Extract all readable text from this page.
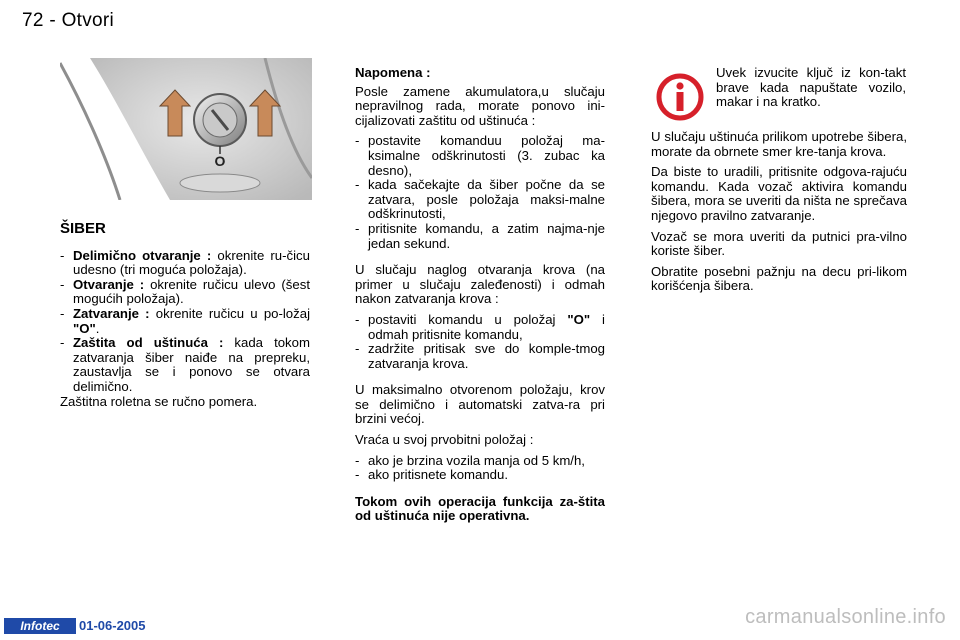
72 - Otvori
O
ŠIBER
- Delimično otvaranje : okrenite ru-čicu udesno (tri moguća položaja).
- Otvaranje : okrenite ručicu ulevo (šest mogućih položaja).
- Zatvaranje : okrenite ručicu u po-ložaj "O".
- Zaštita od uštinuća : kada tokom zatvaranja šiber naiđe na prepreku, zaustavlja se i ponovo se otvara delimično.

Zaštitna roletna se ručno pomera.

Napomena :

Posle zamene akumulatora,u slučaju nepravilnog rada, morate ponovo ini-cijalizovati zaštitu od uštinuća :

- postavite komanduu položaj ma-ksimalne odškrinutosti (3. zubac ka desno),
- kada sačekajte da šiber počne da se zatvara, posle položaja maksi-malne odškrinutosti,
- pritisnite komandu, a zatim najma-nje jedan sekund.

U slučaju naglog otvaranja krova (na primer u slučaju zaleđenosti) i odmah nakon zatvaranja krova :

- postaviti komandu u položaj "O" i odmah pritisnite komandu,
- zadržite pritisak sve do komple-tmog zatvaranja krova.

U maksimalno otvorenom položaju, krov se delimično i automatski zatva-ra pri brzini većoj.

Vraća u svoj prvobitni položaj :

- ako je brzina vozila manja od 5 km/h,
- ako pritisnete komandu.

Tokom ovih operacija funkcija za-štita od uštinuća nije operativna.

Uvek izvucite ključ iz kon-takt brave kada napuštate vozilo, makar i na kratko.

U slučaju uštinuća prilikom upotrebe šibera, morate da obrnete smer kre-tanja krova.

Da biste to uradili, pritisnite odgova-rajuću komandu. Kada vozač aktivira komandu šibera, mora se uveriti da ništa ne sprečava njegovo pravilno zatvaranje.

Vozač se mora uveriti da putnici pra-vilno koriste šiber.

Obratite posebni pažnju na decu pri-likom korišćenja šibera.

Infotec	01-06-2005	carmanualsonline.info
